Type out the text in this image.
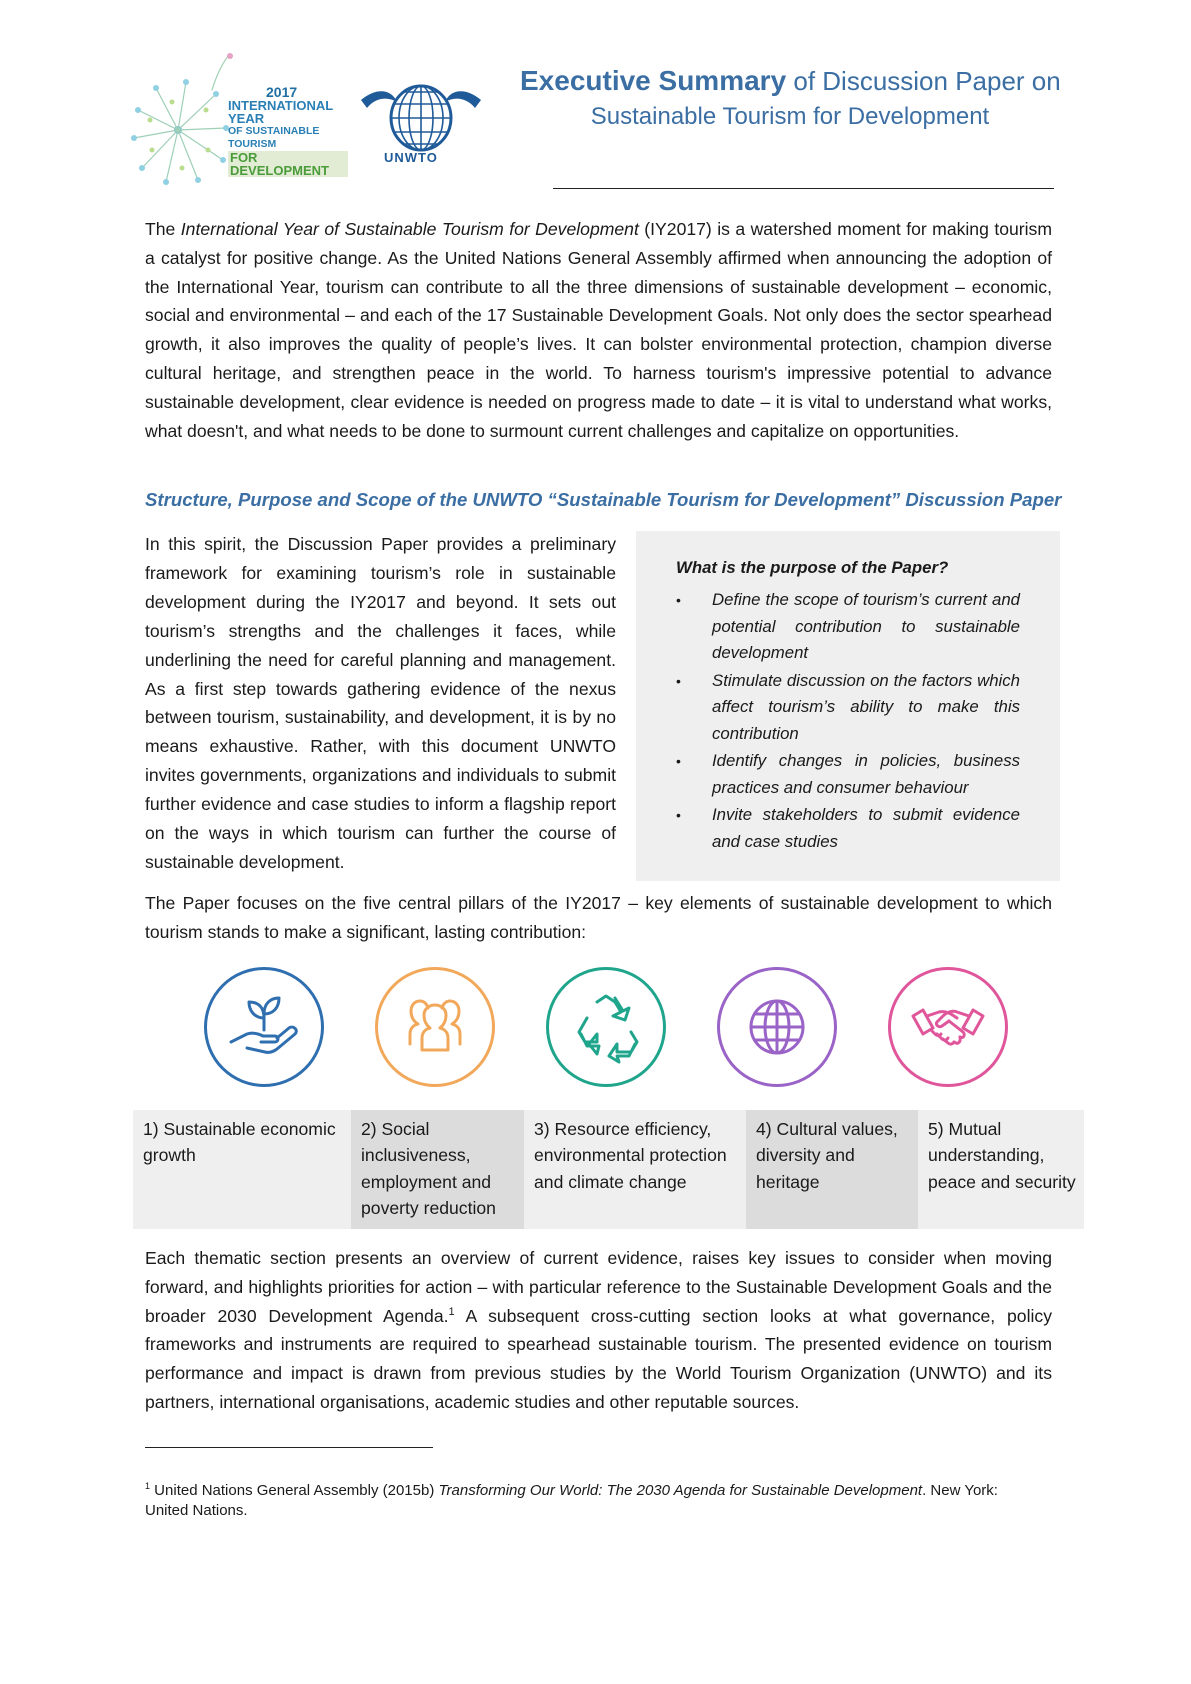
2017
INTERNATIONAL YEAR
OF SUSTAINABLE TOURISM
FOR DEVELOPMENT
UNWTO
Executive Summary of Discussion Paper on
Sustainable Tourism for Development
The International Year of Sustainable Tourism for Development (IY2017) is a watershed moment for making tourism a catalyst for positive change. As the United Nations General Assembly affirmed when announcing the adoption of the International Year, tourism can contribute to all the three dimensions of sustainable development – economic, social and environmental – and each of the 17 Sustainable Development Goals. Not only does the sector spearhead growth, it also improves the quality of people’s lives. It can bolster environmental protection, champion diverse cultural heritage, and strengthen peace in the world. To harness tourism's impressive potential to advance sustainable development, clear evidence is needed on progress made to date – it is vital to understand what works, what doesn't, and what needs to be done to surmount current challenges and capitalize on opportunities.
Structure, Purpose and Scope of the UNWTO “Sustainable Tourism for Development” Discussion Paper
In this spirit, the Discussion Paper provides a preliminary framework for examining tourism’s role in sustainable development during the IY2017 and beyond. It sets out tourism’s strengths and the challenges it faces, while underlining the need for careful planning and management. As a first step towards gathering evidence of the nexus between tourism, sustainability, and development, it is by no means exhaustive. Rather, with this document UNWTO invites governments, organizations and individuals to submit further evidence and case studies to inform a flagship report on the ways in which tourism can further the course of sustainable development.
What is the purpose of the Paper?
• Define the scope of tourism’s current and potential contribution to sustainable development
• Stimulate discussion on the factors which affect tourism’s ability to make this contribution
• Identify changes in policies, business practices and consumer behaviour
• Invite stakeholders to submit evidence and case studies
The Paper focuses on the five central pillars of the IY2017 – key elements of sustainable development to which tourism stands to make a significant, lasting contribution:
1) Sustainable economic growth
2) Social inclusiveness, employment and poverty reduction
3) Resource efficiency, environmental protection and climate change
4) Cultural values, diversity and heritage
5) Mutual understanding, peace and security
Each thematic section presents an overview of current evidence, raises key issues to consider when moving forward, and highlights priorities for action – with particular reference to the Sustainable Development Goals and the broader 2030 Development Agenda.$^1$ A subsequent cross-cutting section looks at what governance, policy frameworks and instruments are required to spearhead sustainable tourism. The presented evidence on tourism performance and impact is drawn from previous studies by the World Tourism Organization (UNWTO) and its partners, international organisations, academic studies and other reputable sources.
$^1$ United Nations General Assembly (2015b) Transforming Our World: The 2030 Agenda for Sustainable Development. New York: United Nations.
